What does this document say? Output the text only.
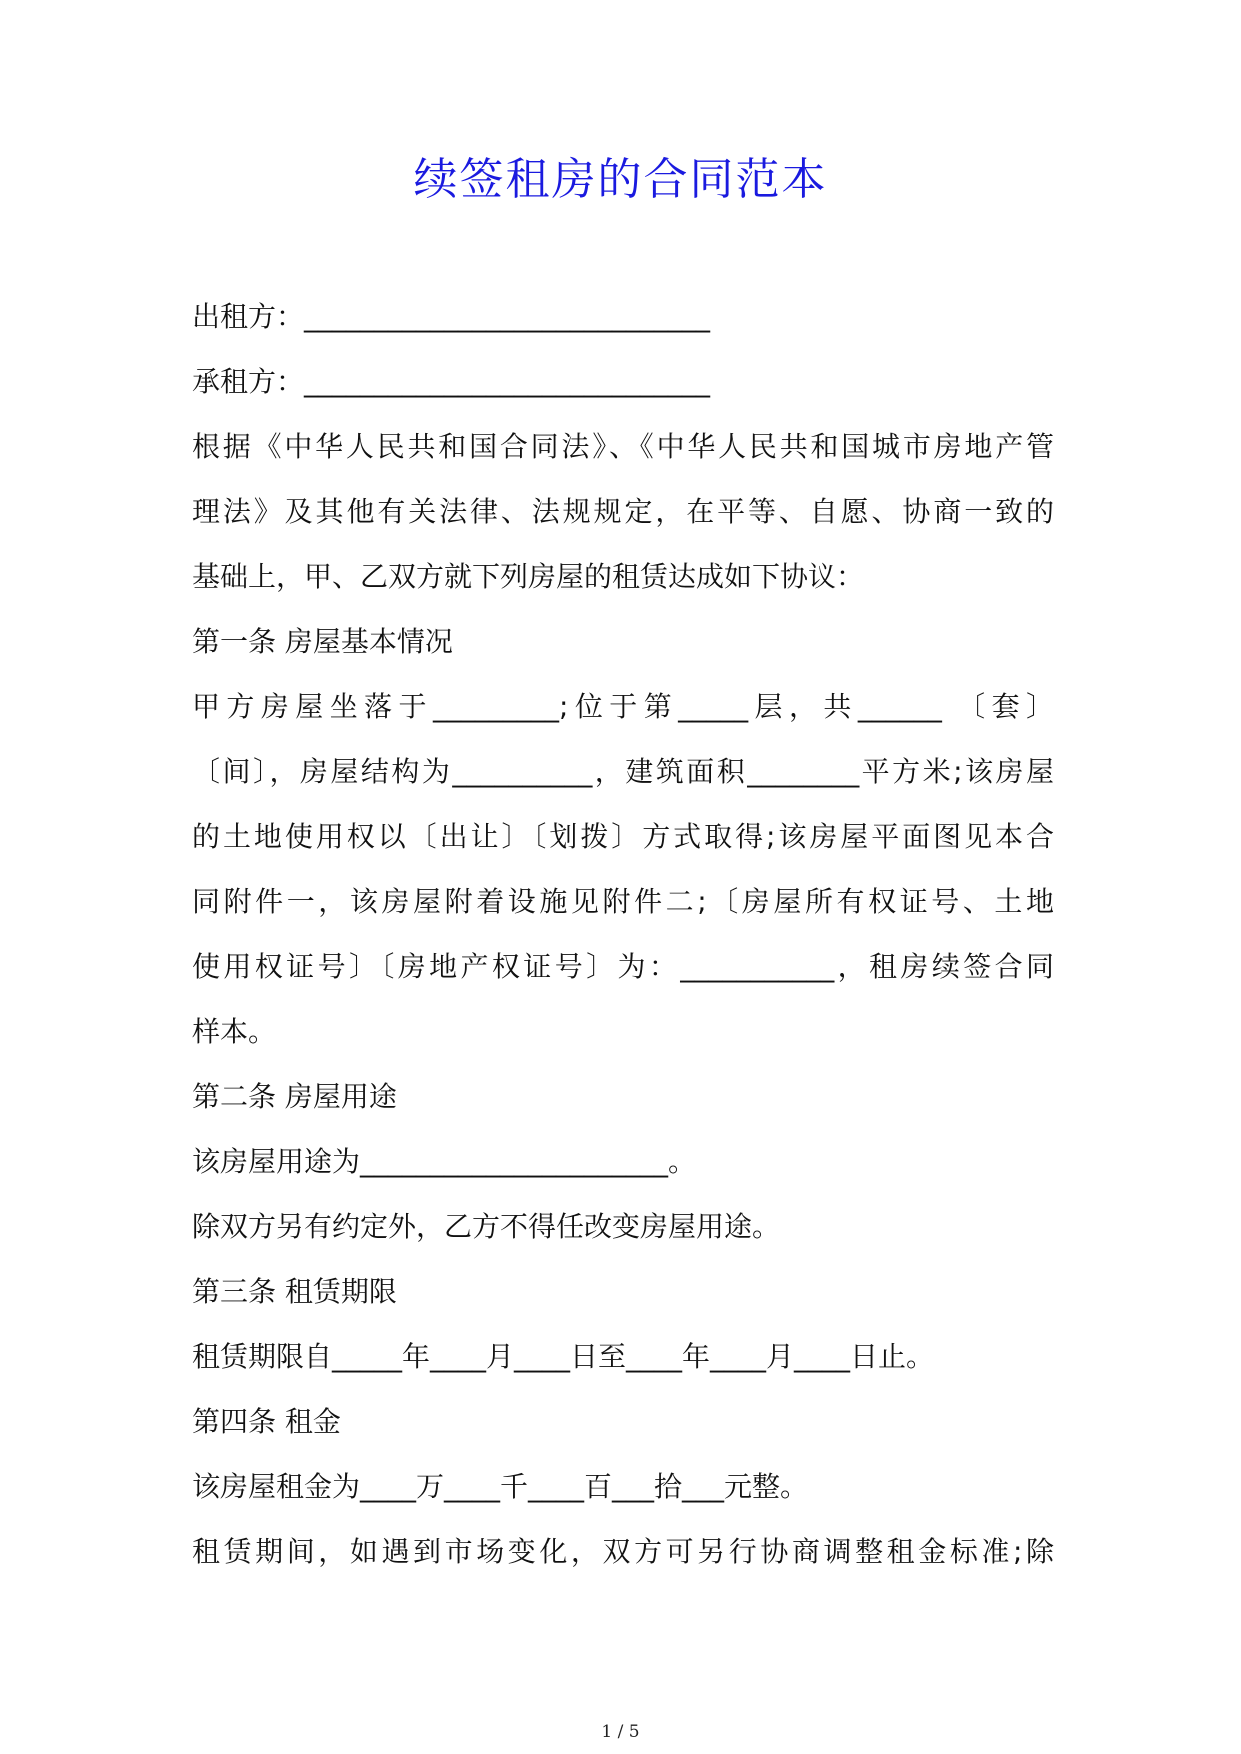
续签租房的合同范本
出租方：_____________________________
承租方：_____________________________
根据《中华人民共和国合同法》、《中华人民共和国城市房地产管
理法》及其他有关法律、法规规定，在平等、自愿、协商一致的
基础上，甲、乙双方就下列房屋的租赁达成如下协议：
第一条 房屋基本情况
甲方房屋坐落于_________;位于第_____层，共______ 〔套〕
〔间〕，房屋结构为__________，建筑面积________平方米;该房屋
的土地使用权以〔出让〕〔划拨〕方式取得;该房屋平面图见本合
同附件一，该房屋附着设施见附件二;〔房屋所有权证号、土地
使用权证号〕〔房地产权证号〕为：___________，租房续签合同
样本。
第二条 房屋用途
该房屋用途为______________________。
除双方另有约定外，乙方不得任改变房屋用途。
第三条 租赁期限
租赁期限自_____年____月____日至____年____月____日止。
第四条 租金
该房屋租金为____万____千____百___拾___元整。
租赁期间，如遇到市场变化，双方可另行协商调整租金标准;除
1 / 5
